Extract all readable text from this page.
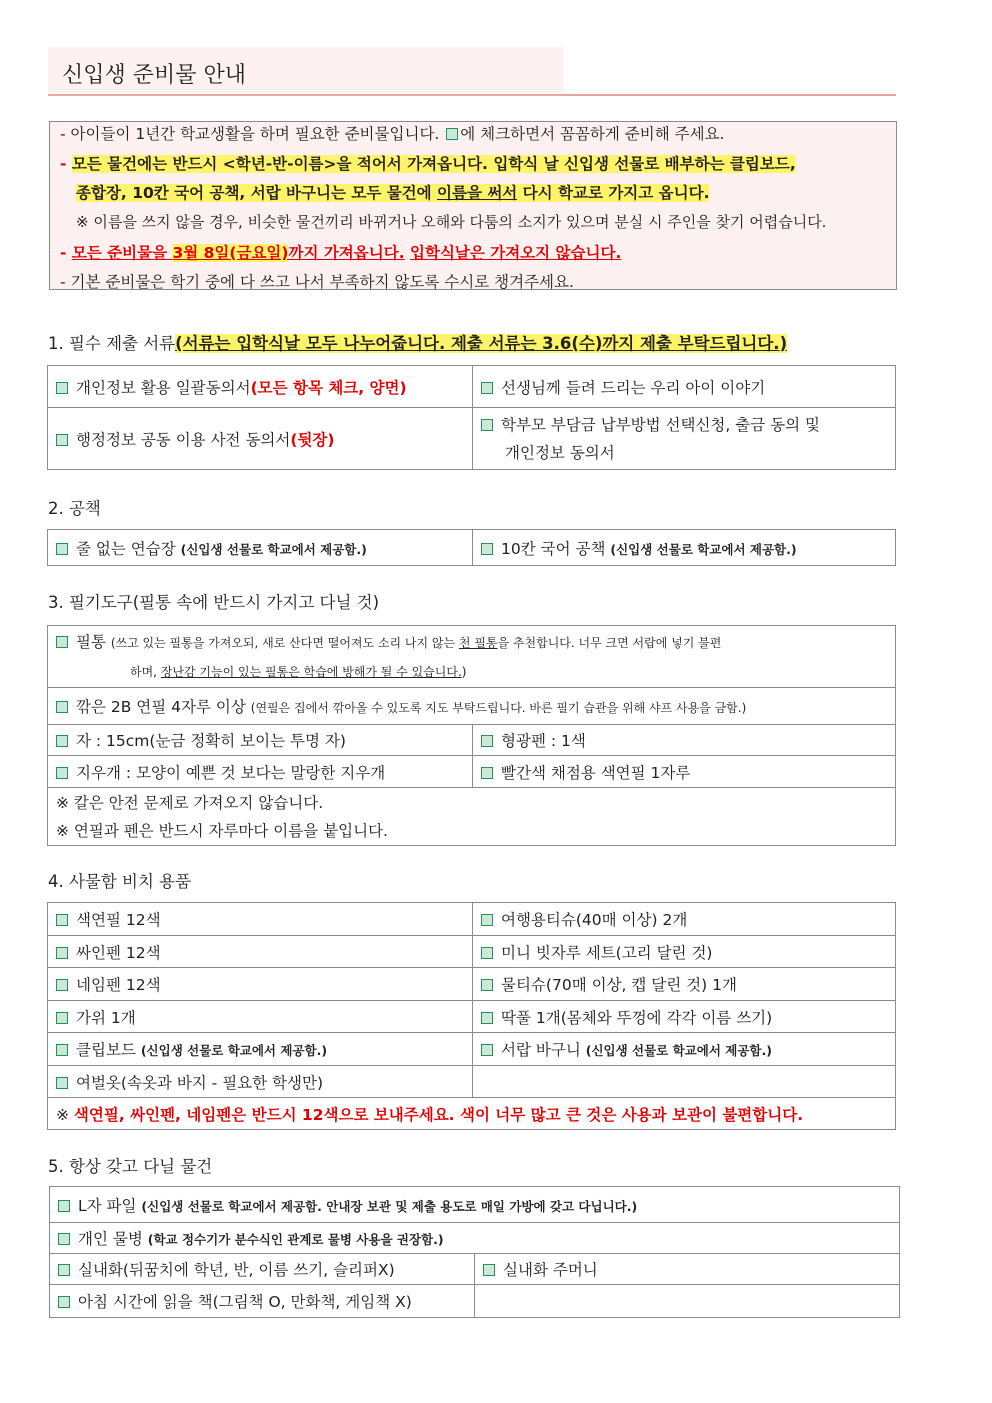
신입생 준비물 안내
- 아이들이 1년간 학교생활을 하며 필요한 준비물입니다. 에 체크하면서 꼼꼼하게 준비해 주세요.
- 모든 물건에는 반드시 <학년-반-이름>을 적어서 가져옵니다. 입학식 날 신입생 선물로 배부하는 클립보드,
종합장, 10칸 국어 공책, 서랍 바구니는 모두 물건에 이름을 써서 다시 학교로 가지고 옵니다.
※ 이름을 쓰지 않을 경우, 비슷한 물건끼리 바뀌거나 오해와 다툼의 소지가 있으며 분실 시 주인을 찾기 어렵습니다.
- 모든 준비물을 3월 8일(금요일)까지 가져옵니다. 입학식날은 가져오지 않습니다.
- 기본 준비물은 학기 중에 다 쓰고 나서 부족하지 않도록 수시로 챙겨주세요.
1. 필수 제출 서류(서류는 입학식날 모두 나누어줍니다. 제출 서류는 3.6(수)까지 제출 부탁드립니다.)
개인정보 활용 일괄동의서(모든 항목 체크, 양면)	선생님께 들려 드리는 우리 아이 이야기
행정정보 공동 이용 사전 동의서(뒷장)	학부모 부담금 납부방법 선택신청, 출금 동의 및
개인정보 동의서
2. 공책
줄 없는 연습장 (신입생 선물로 학교에서 제공함.)	10칸 국어 공책 (신입생 선물로 학교에서 제공함.)
3. 필기도구(필통 속에 반드시 가지고 다닐 것)
필통 (쓰고 있는 필통을 가져오되, 새로 산다면 떨어져도 소리 나지 않는 천 필통을 추천합니다. 너무 크면 서랍에 넣기 불편
하며, 장난감 기능이 있는 필통은 학습에 방해가 될 수 있습니다.)	
깎은 2B 연필 4자루 이상 (연필은 집에서 깎아올 수 있도록 지도 부탁드립니다. 바른 필기 습관을 위해 샤프 사용을 금함.)	
자 : 15cm(눈금 정확히 보이는 투명 자)	형광펜 : 1색
지우개 : 모양이 예쁜 것 보다는 말랑한 지우개	빨간색 채점용 색연필 1자루
※ 칼은 안전 문제로 가져오지 않습니다.
※ 연필과 펜은 반드시 자루마다 이름을 붙입니다.	
4. 사물함 비치 용품
색연필 12색	여행용티슈(40매 이상) 2개
싸인펜 12색	미니 빗자루 세트(고리 달린 것)
네임펜 12색	물티슈(70매 이상, 캡 달린 것) 1개
가위 1개	딱풀 1개(몸체와 뚜껑에 각각 이름 쓰기)
클립보드 (신입생 선물로 학교에서 제공함.)	서랍 바구니 (신입생 선물로 학교에서 제공함.)
여벌옷(속옷과 바지 - 필요한 학생만)	
※ 색연필, 싸인펜, 네임펜은 반드시 12색으로 보내주세요. 색이 너무 많고 큰 것은 사용과 보관이 불편합니다.	
5. 항상 갖고 다닐 물건
L자 파일 (신입생 선물로 학교에서 제공함. 안내장 보관 및 제출 용도로 매일 가방에 갖고 다닙니다.)	
개인 물병 (학교 정수기가 분수식인 관계로 물병 사용을 권장함.)	
실내화(뒤꿈치에 학년, 반, 이름 쓰기, 슬리퍼X)	실내화 주머니
아침 시간에 읽을 책(그림책 O, 만화책, 게임책 X)	
